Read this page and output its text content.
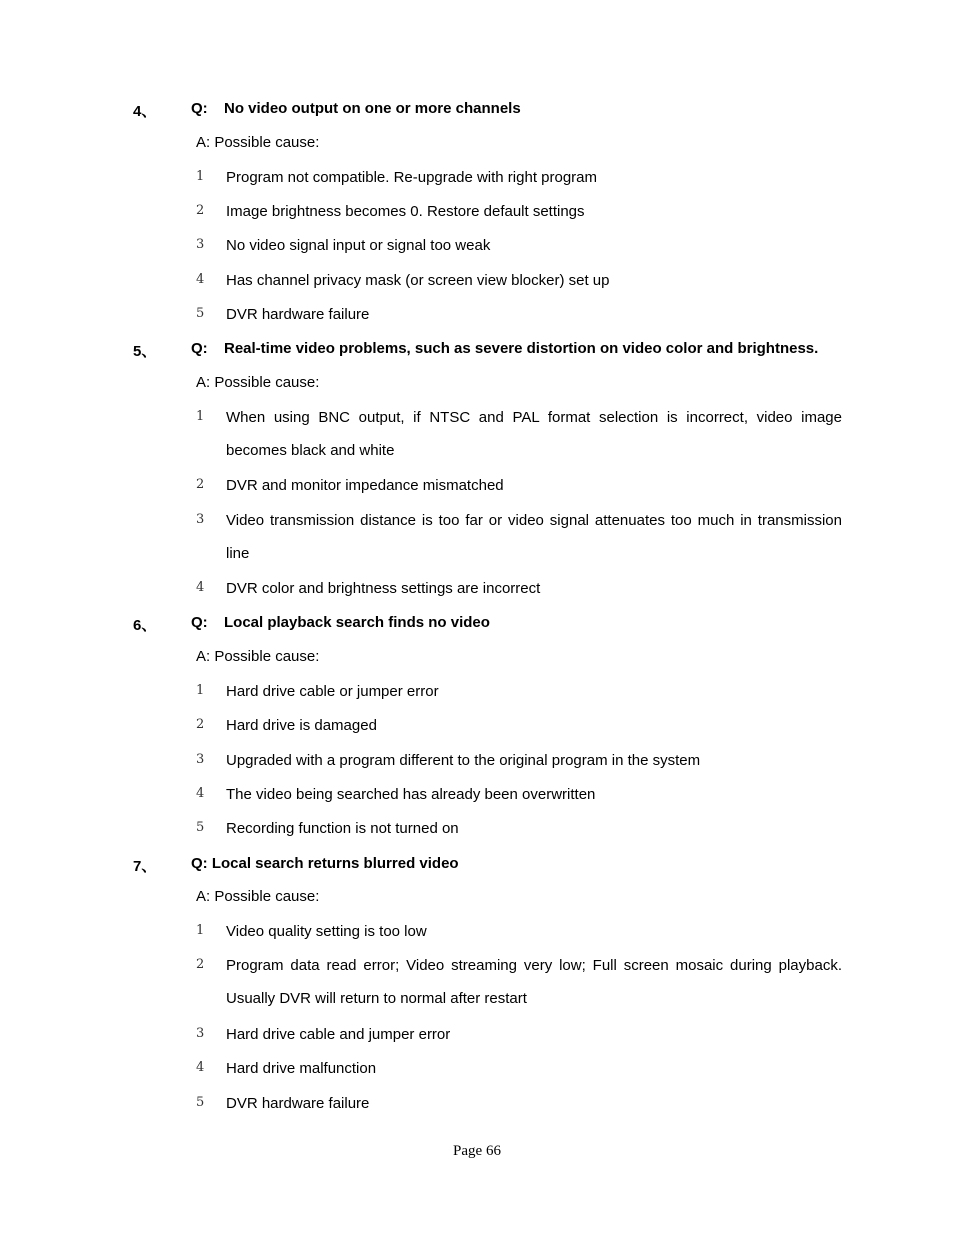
4、 Q: No video output on one or more channels
A: Possible cause:
1 Program not compatible. Re-upgrade with right program
2 Image brightness becomes 0. Restore default settings
3 No video signal input or signal too weak
4 Has channel privacy mask (or screen view blocker) set up
5 DVR hardware failure
5、 Q: Real-time video problems, such as severe distortion on video color and brightness.
A: Possible cause:
1 When using BNC output, if NTSC and PAL format selection is incorrect, video image becomes black and white
2 DVR and monitor impedance mismatched
3 Video transmission distance is too far or video signal attenuates too much in transmission line
4 DVR color and brightness settings are incorrect
6、 Q: Local playback search finds no video
A: Possible cause:
1 Hard drive cable or jumper error
2 Hard drive is damaged
3 Upgraded with a program different to the original program in the system
4 The video being searched has already been overwritten
5 Recording function is not turned on
7、 Q: Local search returns blurred video
A: Possible cause:
1 Video quality setting is too low
2 Program data read error; Video streaming very low; Full screen mosaic during playback. Usually DVR will return to normal after restart
3 Hard drive cable and jumper error
4 Hard drive malfunction
5 DVR hardware failure
Page 66
